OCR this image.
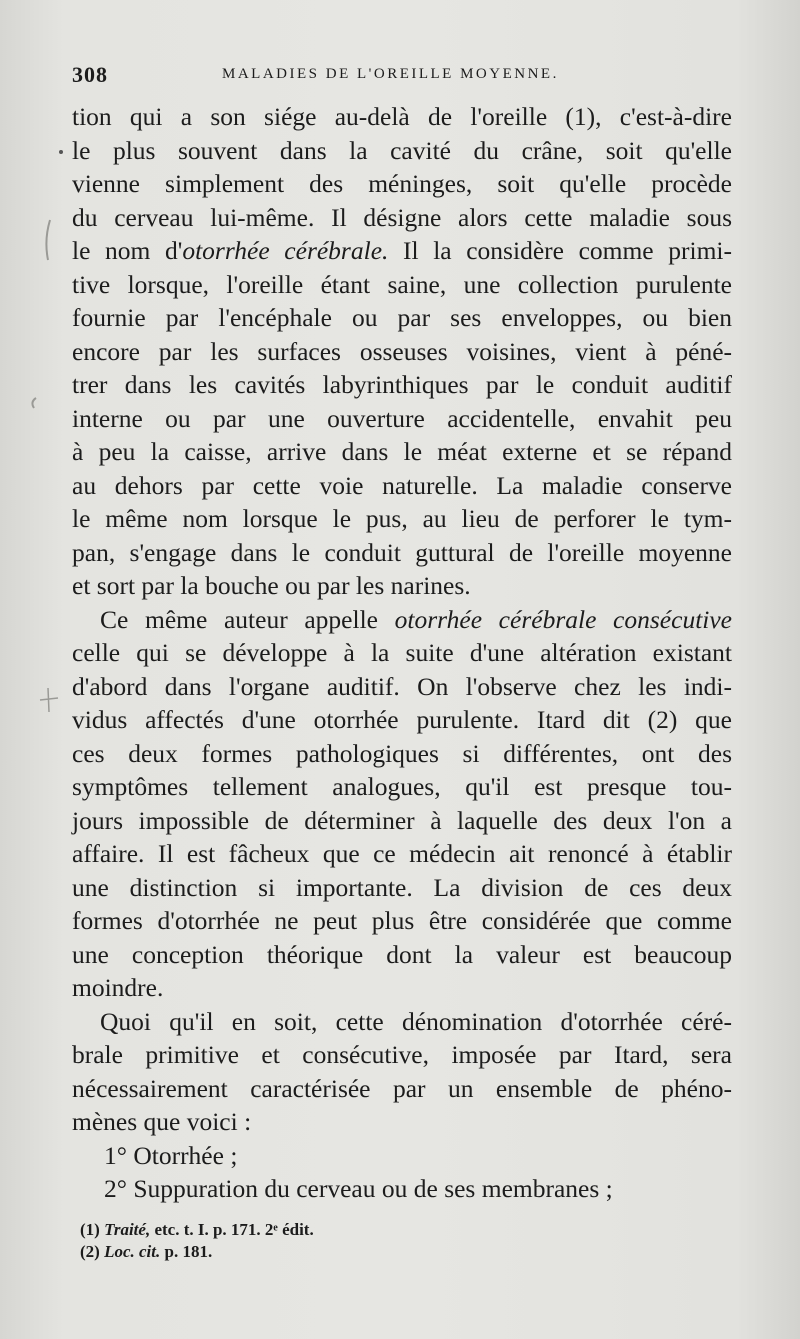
308	MALADIES DE L'OREILLE MOYENNE.
tion qui a son siége au-delà de l'oreille (1), c'est-à-dire
le plus souvent dans la cavité du crâne, soit qu'elle
vienne simplement des méninges, soit qu'elle procède
du cerveau lui-même. Il désigne alors cette maladie sous
le nom d'otorrhée cérébrale. Il la considère comme primi-
tive lorsque, l'oreille étant saine, une collection purulente
fournie par l'encéphale ou par ses enveloppes, ou bien
encore par les surfaces osseuses voisines, vient à péné-
trer dans les cavités labyrinthiques par le conduit auditif
interne ou par une ouverture accidentelle, envahit peu
à peu la caisse, arrive dans le méat externe et se répand
au dehors par cette voie naturelle. La maladie conserve
le même nom lorsque le pus, au lieu de perforer le tym-
pan, s'engage dans le conduit guttural de l'oreille moyenne
et sort par la bouche ou par les narines.
Ce même auteur appelle otorrhée cérébrale consécutive
celle qui se développe à la suite d'une altération existant
d'abord dans l'organe auditif. On l'observe chez les indi-
vidus affectés d'une otorrhée purulente. Itard dit (2) que
ces deux formes pathologiques si différentes, ont des
symptômes tellement analogues, qu'il est presque tou-
jours impossible de déterminer à laquelle des deux l'on a
affaire. Il est fâcheux que ce médecin ait renoncé à établir
une distinction si importante. La division de ces deux
formes d'otorrhée ne peut plus être considérée que comme
une conception théorique dont la valeur est beaucoup
moindre.
Quoi qu'il en soit, cette dénomination d'otorrhée céré-
brale primitive et consécutive, imposée par Itard, sera
nécessairement caractérisée par un ensemble de phéno-
mènes que voici :
1° Otorrhée ;
2° Suppuration du cerveau ou de ses membranes ;
(1) Traité, etc. t. I. p. 171. 2ᵉ édit.
(2) Loc. cit. p. 181.
